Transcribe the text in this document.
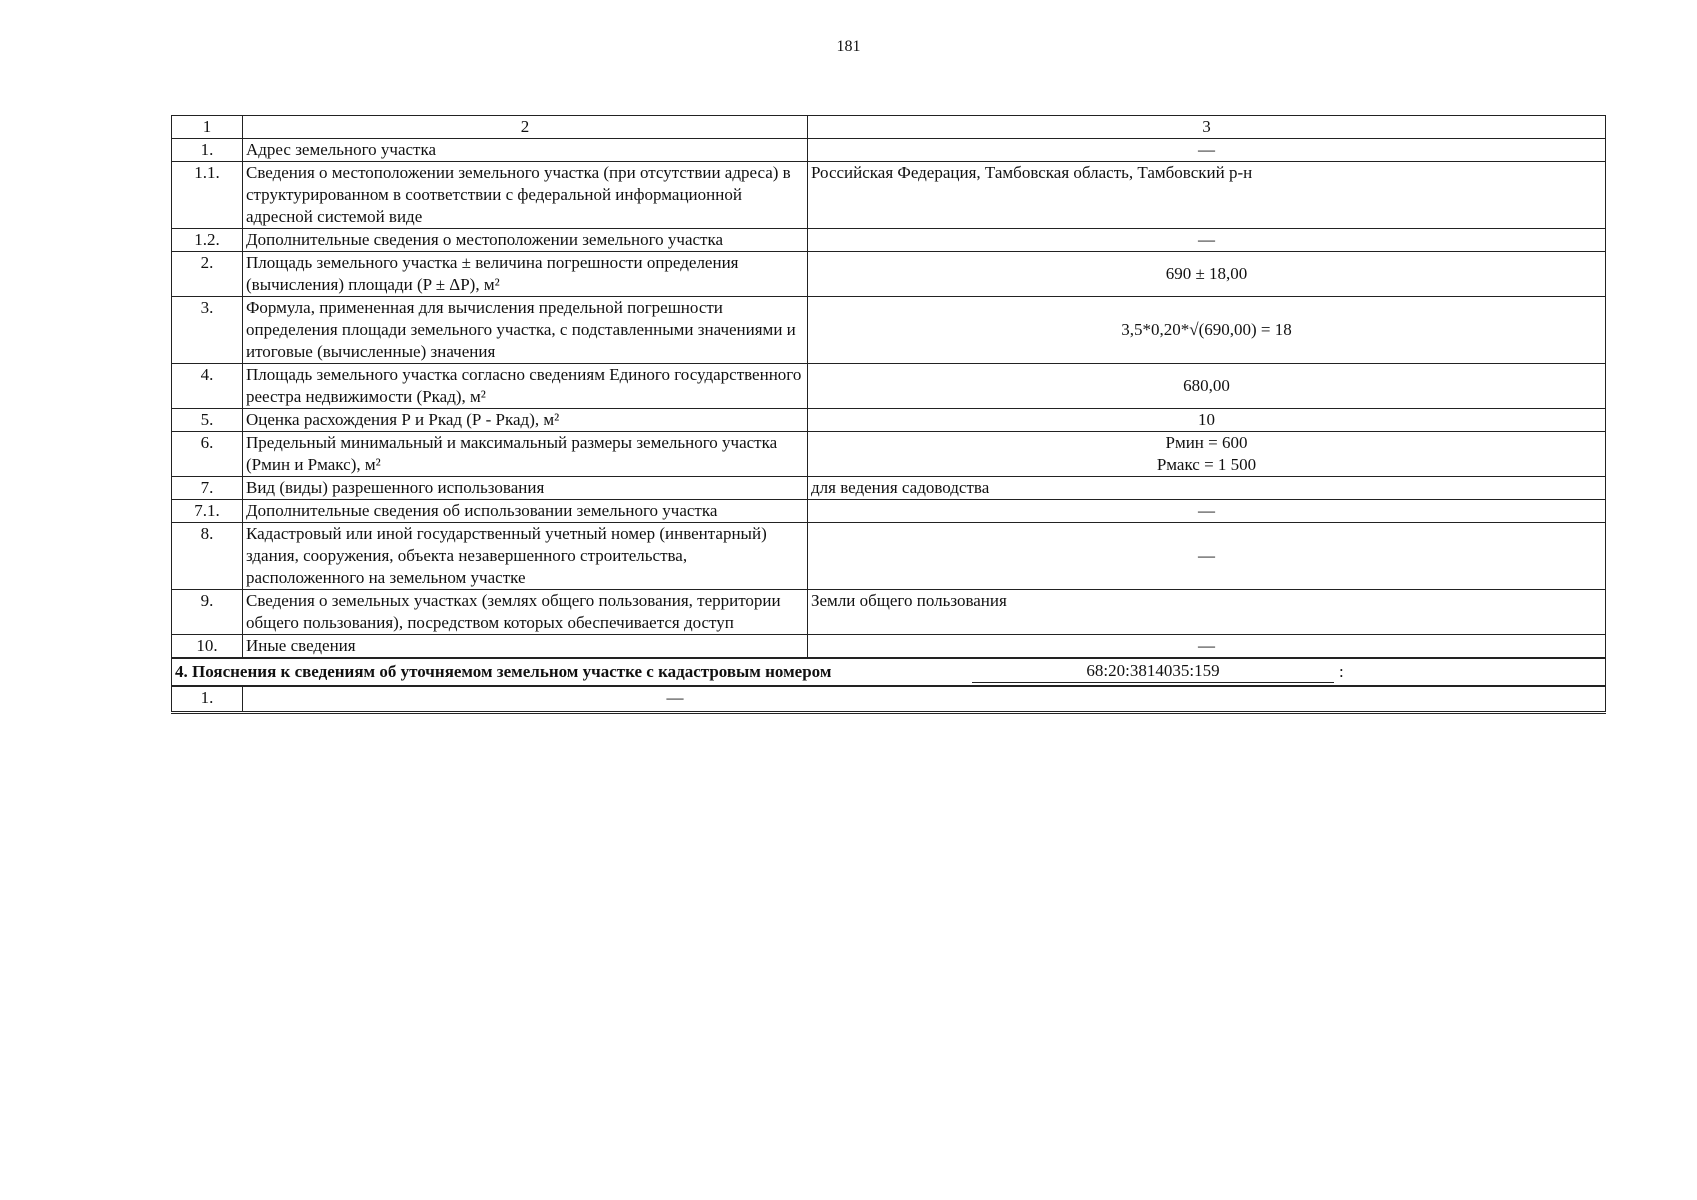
181
1	2	3
1.	Адрес земельного участка	—
1.1.	Сведения о местоположении земельного участка (при отсутствии адреса) в структурированном в соответствии с федеральной информационной адресной системой виде	Российская Федерация, Тамбовская область, Тамбовский р-н
1.2.	Дополнительные сведения о местоположении земельного участка	—
2.	Площадь земельного участка ± величина погрешности определения (вычисления) площади (P ± ΔP), м²	690 ± 18,00
3.	Формула, примененная для вычисления предельной погрешности определения площади земельного участка, с подставленными значениями и итоговые (вычисленные) значения	3,5*0,20*√(690,00) = 18
4.	Площадь земельного участка согласно сведениям Единого государственного реестра недвижимости (Ркад), м²	680,00
5.	Оценка расхождения Р и Ркад (Р - Ркад), м²	10
6.	Предельный минимальный и максимальный размеры земельного участка (Рмин и Рмакс), м²	Рмин = 600
Рмакс = 1 500

7.	Вид (виды) разрешенного использования	для ведения садоводства
7.1.	Дополнительные сведения об использовании земельного участка	—
8.	Кадастровый или иной государственный учетный номер (инвентарный) здания, сооружения, объекта незавершенного строительства, расположенного на земельном участке	—
9.	Сведения о земельных участках (землях общего пользования, территории общего пользования), посредством которых обеспечивается доступ	Земли общего пользования
10.	Иные сведения	—

4. Пояснения к сведениям об уточняемом земельном участке с кадастровым номером 68:20:3814035:159 :		

1.	—	
